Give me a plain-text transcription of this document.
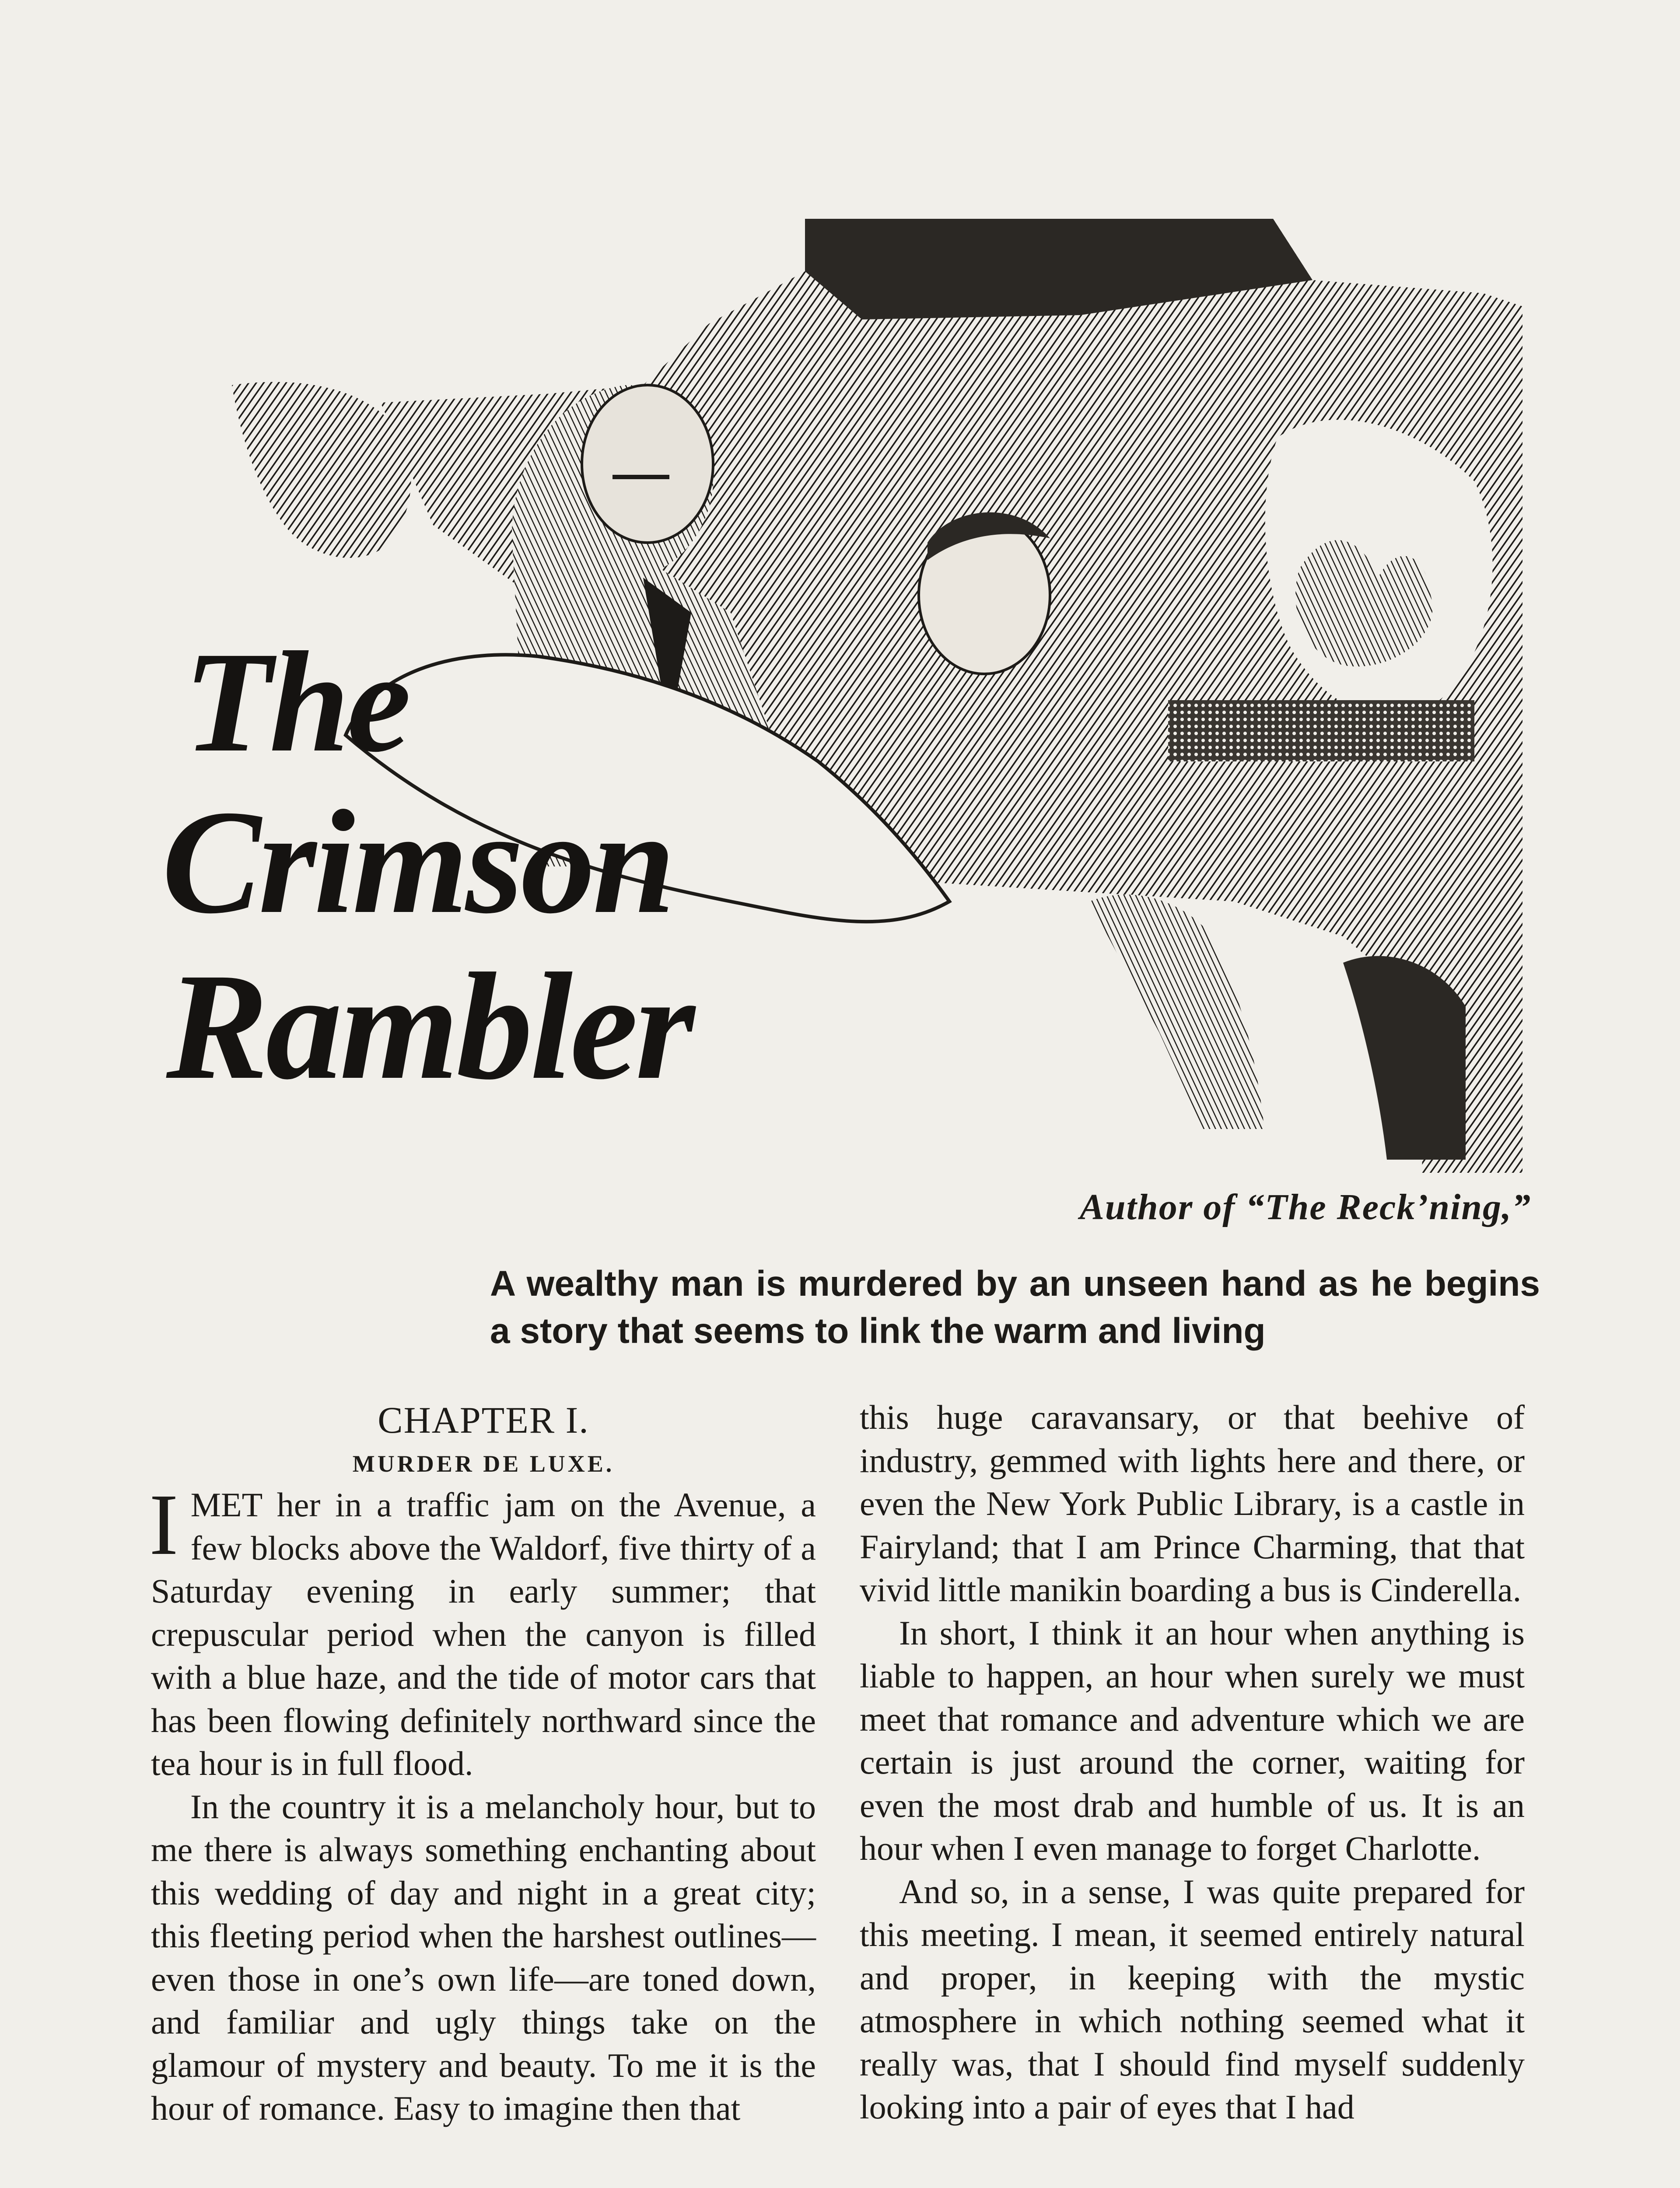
The
Crimson
Rambler
Author of “The Reck’ning,”
A wealthy man is murdered by an unseen hand as he begins a story that seems to link the warm and living

CHAPTER I.

MURDER DE LUXE.

IMET her in a traffic jam on the Avenue, a few blocks above the Waldorf, five thirty of a Saturday evening in early summer; that crepuscular period when the canyon is filled with a blue haze, and the tide of motor cars that has been flowing definitely northward since the tea hour is in full flood.

In the country it is a melancholy hour, but to me there is always something enchanting about this wedding of day and night in a great city; this fleeting period when the harshest outlines—even those in one’s own life—are toned down, and familiar and ugly things take on the glamour of mystery and beauty. To me it is the hour of romance. Easy to imagine then that

this huge caravansary, or that beehive of industry, gemmed with lights here and there, or even the New York Public Library, is a castle in Fairyland; that I am Prince Charming, that that vivid little manikin boarding a bus is Cinderella.

In short, I think it an hour when anything is liable to happen, an hour when surely we must meet that romance and adventure which we are certain is just around the corner, waiting for even the most drab and humble of us. It is an hour when I even manage to forget Charlotte.

And so, in a sense, I was quite prepared for this meeting. I mean, it seemed entirely natural and proper, in keeping with the mystic atmosphere in which nothing seemed what it really was, that I should find myself suddenly looking into a pair of eyes that I had
